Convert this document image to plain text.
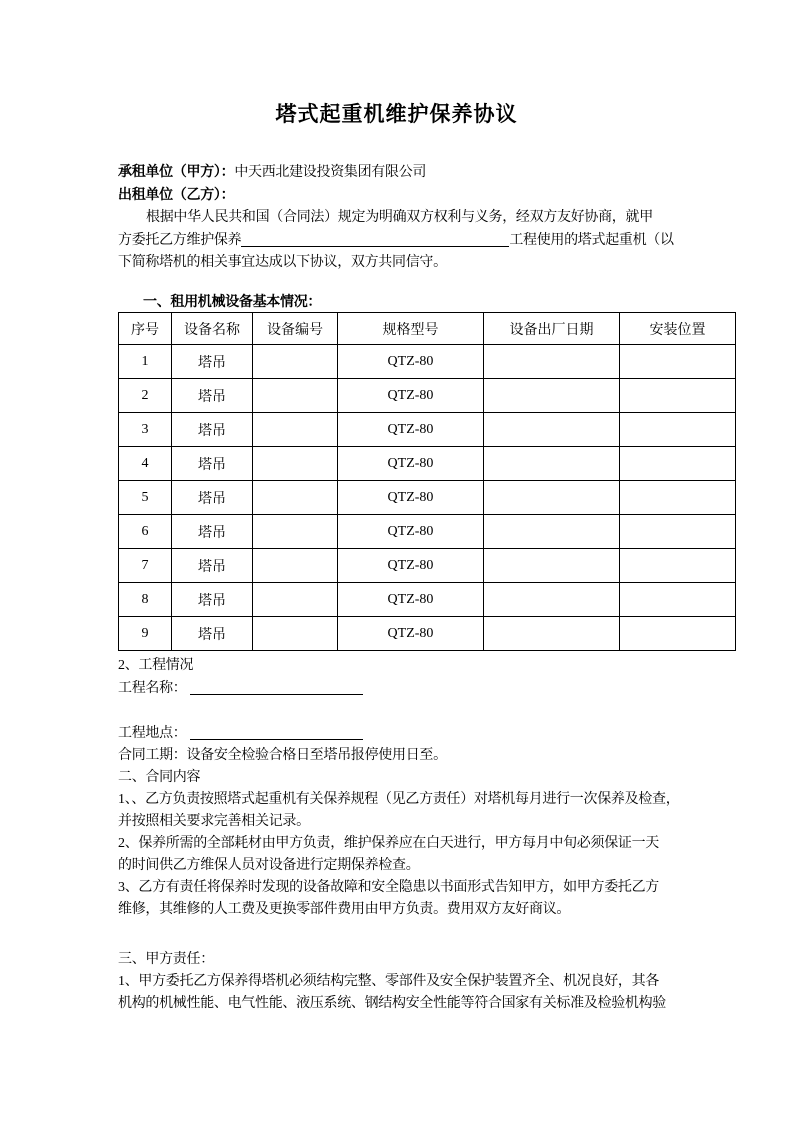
塔式起重机维护保养协议
承租单位（甲方）：中天西北建设投资集团有限公司
出租单位（乙方）：
根据中华人民共和国（合同法）规定为明确双方权利与义务，经双方友好协商，就甲
方委托乙方维护保养	工程使用的塔式起重机（以
下简称塔机的相关事宜达成以下协议，双方共同信守。
一、租用机械设备基本情况：
序号	设备名称	设备编号	规格型号	设备出厂日期	安装位置
1	塔吊		QTZ-80		
2	塔吊		QTZ-80		
3	塔吊		QTZ-80		
4	塔吊		QTZ-80		
5	塔吊		QTZ-80		
6	塔吊		QTZ-80		
7	塔吊		QTZ-80		
8	塔吊		QTZ-80		
9	塔吊		QTZ-80		
2、工程情况
工程名称：
工程地点：
合同工期：设备安全检验合格日至塔吊报停使用日至。
二、合同内容
1、、乙方负责按照塔式起重机有关保养规程（见乙方责任）对塔机每月进行一次保养及检查，
并按照相关要求完善相关记录。
2、保养所需的全部耗材由甲方负责，维护保养应在白天进行，甲方每月中旬必须保证一天
的时间供乙方维保人员对设备进行定期保养检查。
3、乙方有责任将保养时发现的设备故障和安全隐患以书面形式告知甲方，如甲方委托乙方
维修，其维修的人工费及更换零部件费用由甲方负责。费用双方友好商议。
三、甲方责任：
1、甲方委托乙方保养得塔机必须结构完整、零部件及安全保护装置齐全、机况良好，其各
机构的机械性能、电气性能、液压系统、钢结构安全性能等符合国家有关标准及检验机构验
